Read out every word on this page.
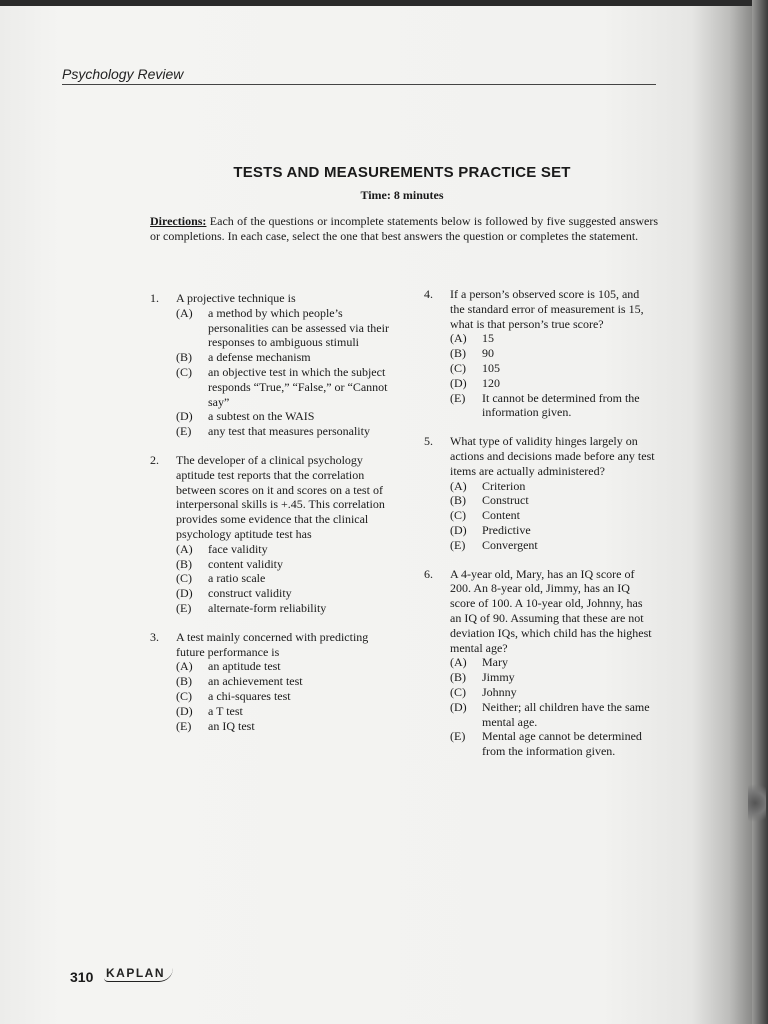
Psychology Review
TESTS AND MEASUREMENTS PRACTICE SET
Time: 8 minutes
Directions: Each of the questions or incomplete statements below is followed by five suggested answers or completions. In each case, select the one that best answers the question or completes the statement.
1.	A projective technique is
(A)	a method by which people’s personalities can be assessed via their responses to ambiguous stimuli
(B)	a defense mechanism
(C)	an objective test in which the subject responds “True,” “False,” or “Cannot say”
(D)	a subtest on the WAIS
(E)	any test that measures personality
2.	The developer of a clinical psychology aptitude test reports that the correlation between scores on it and scores on a test of interpersonal skills is +.45. This correlation provides some evidence that the clinical psychology aptitude test has
(A)	face validity
(B)	content validity
(C)	a ratio scale
(D)	construct validity
(E)	alternate-form reliability
3.	A test mainly concerned with predicting future performance is
(A)	an aptitude test
(B)	an achievement test
(C)	a chi-squares test
(D)	a T test
(E)	an IQ test
4.	If a person’s observed score is 105, and the standard error of measurement is 15, what is that person’s true score?
(A)	15
(B)	90
(C)	105
(D)	120
(E)	It cannot be determined from the information given.
5.	What type of validity hinges largely on actions and decisions made before any test items are actually administered?
(A)	Criterion
(B)	Construct
(C)	Content
(D)	Predictive
(E)	Convergent
6.	A 4-year old, Mary, has an IQ score of 200. An 8-year old, Jimmy, has an IQ score of 100. A 10-year old, Johnny, has an IQ of 90. Assuming that these are not deviation IQs, which child has the highest mental age?
(A)	Mary
(B)	Jimmy
(C)	Johnny
(D)	Neither; all children have the same mental age.
(E)	Mental age cannot be determined from the information given.
310 KAPLAN
